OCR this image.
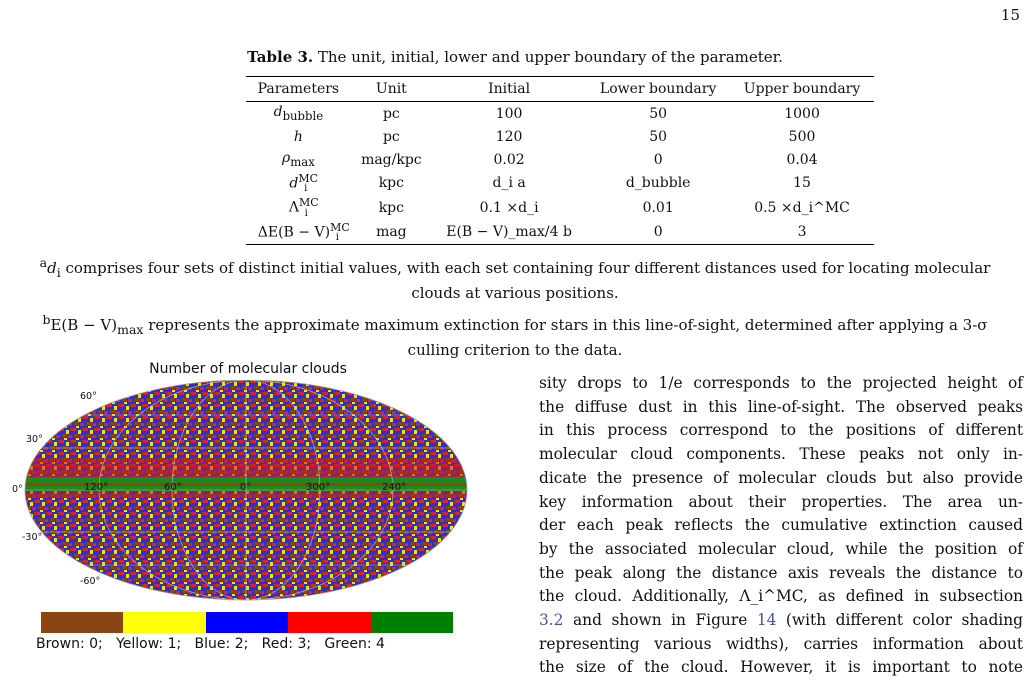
15
Table 3. The unit, initial, lower and upper boundary of the parameter.
Parameters	Unit	Initial	Lower boundary	Upper boundary
$d_{bubble}$	pc	100	50	1000
h	pc	120	50	500
$\rho_{max}$	mag/kpc	0.02	0	0.04
$d^{MC}_i$	kpc	d_i a	d_bubble	15
$\Lambda^{MC}_i$	kpc	0.1 ×d_i	0.01	0.5 ×d_i^MC
$\Delta E(B - V)^{MC}_i$	mag	E(B − V)_max/4 b	0	3
$^ad_i$ comprises four sets of distinct initial values, with each set containing four different distances used for locating molecular
clouds at various positions.
$^bE(B - V)_{max}$ represents the approximate maximum extinction for stars in this line-of-sight, determined after applying a 3-σ
culling criterion to the data.
Number of molecular clouds
120°	60°	0°	300°	240°
60°
30°
0°
-30°
-60°
Brown: 0;   Yellow: 1;   Blue: 2;   Red: 3;   Green: 4
sity drops to 1/e corresponds to the projected height of
the diffuse dust in this line-of-sight. The observed peaks
in this process correspond to the positions of different
molecular cloud components. These peaks not only in-
dicate the presence of molecular clouds but also provide
key information about their properties. The area un-
der each peak reflects the cumulative extinction caused
by the associated molecular cloud, while the position of
the peak along the distance axis reveals the distance to
the cloud. Additionally, Λ_i^MC, as defined in subsection
3.2 and shown in Figure 14 (with different color shading
representing various widths), carries information about
the size of the cloud. However, it is important to note
